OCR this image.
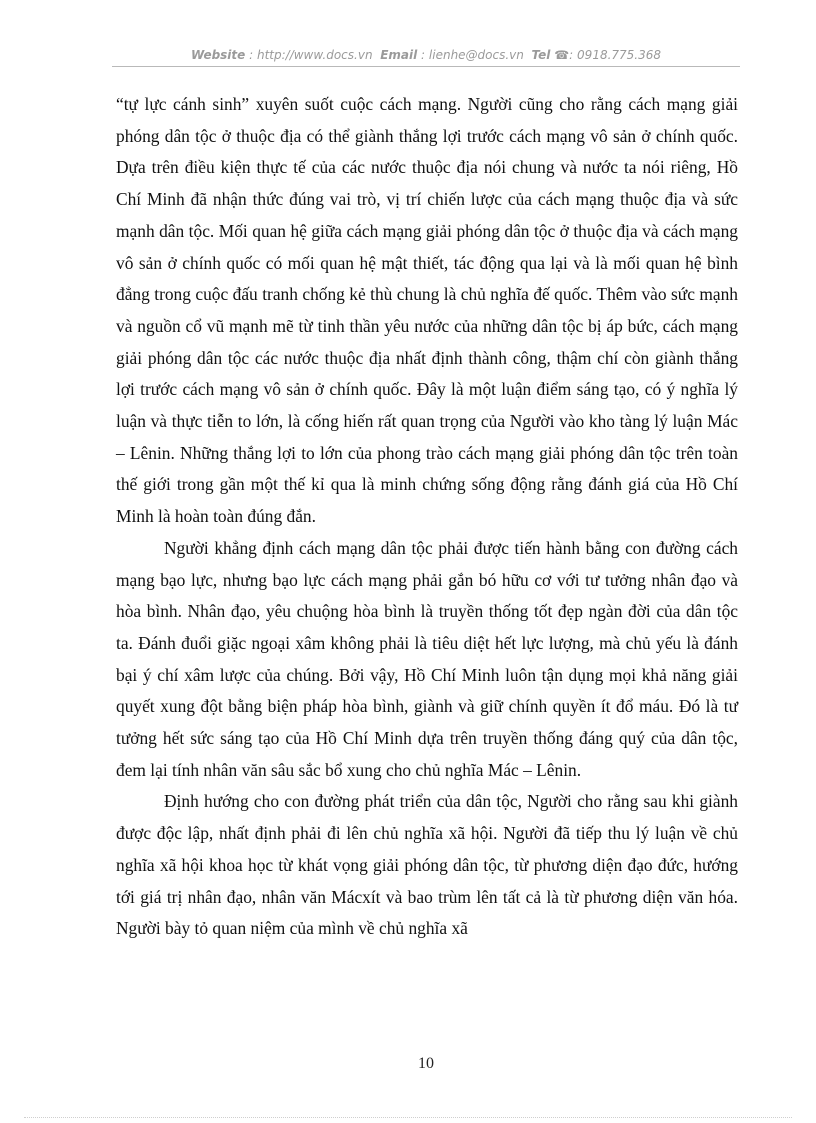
Website : http://www.docs.vn Email : lienhe@docs.vn Tel ☎: 0918.775.368

“tự lực cánh sinh” xuyên suốt cuộc cách mạng. Người cũng cho rằng cách mạng giải phóng dân tộc ở thuộc địa có thể giành thắng lợi trước cách mạng vô sản ở chính quốc. Dựa trên điều kiện thực tế của các nước thuộc địa nói chung và nước ta nói riêng, Hồ Chí Minh đã nhận thức đúng vai trò, vị trí chiến lược của cách mạng thuộc địa và sức mạnh dân tộc. Mối quan hệ giữa cách mạng giải phóng dân tộc ở thuộc địa và cách mạng vô sản ở chính quốc có mối quan hệ mật thiết, tác động qua lại và là mối quan hệ bình đẳng trong cuộc đấu tranh chống kẻ thù chung là chủ nghĩa đế quốc. Thêm vào sức mạnh và nguồn cổ vũ mạnh mẽ từ tinh thần yêu nước của những dân tộc bị áp bức, cách mạng giải phóng dân tộc các nước thuộc địa nhất định thành công, thậm chí còn giành thắng lợi trước cách mạng vô sản ở chính quốc. Đây là một luận điểm sáng tạo, có ý nghĩa lý luận và thực tiễn to lớn, là cống hiến rất quan trọng của Người vào kho tàng lý luận Mác – Lênin. Những thắng lợi to lớn của phong trào cách mạng giải phóng dân tộc trên toàn thế giới trong gần một thế kỉ qua là minh chứng sống động rằng đánh giá của Hồ Chí Minh là hoàn toàn đúng đắn.

Người khẳng định cách mạng dân tộc phải được tiến hành bằng con đường cách mạng bạo lực, nhưng bạo lực cách mạng phải gắn bó hữu cơ với tư tưởng nhân đạo và hòa bình. Nhân đạo, yêu chuộng hòa bình là truyền thống tốt đẹp ngàn đời của dân tộc ta. Đánh đuổi giặc ngoại xâm không phải là tiêu diệt hết lực lượng, mà chủ yếu là đánh bại ý chí xâm lược của chúng. Bởi vậy, Hồ Chí Minh luôn tận dụng mọi khả năng giải quyết xung đột bằng biện pháp hòa bình, giành và giữ chính quyền ít đổ máu. Đó là tư tưởng hết sức sáng tạo của Hồ Chí Minh dựa trên truyền thống đáng quý của dân tộc, đem lại tính nhân văn sâu sắc bổ xung cho chủ nghĩa Mác – Lênin.

Định hướng cho con đường phát triển của dân tộc, Người cho rằng sau khi giành được độc lập, nhất định phải đi lên chủ nghĩa xã hội. Người đã tiếp thu lý luận về chủ nghĩa xã hội khoa học từ khát vọng giải phóng dân tộc, từ phương diện đạo đức, hướng tới giá trị nhân đạo, nhân văn Mácxít và bao trùm lên tất cả là từ phương diện văn hóa. Người bày tỏ quan niệm của mình về chủ nghĩa xã

10
